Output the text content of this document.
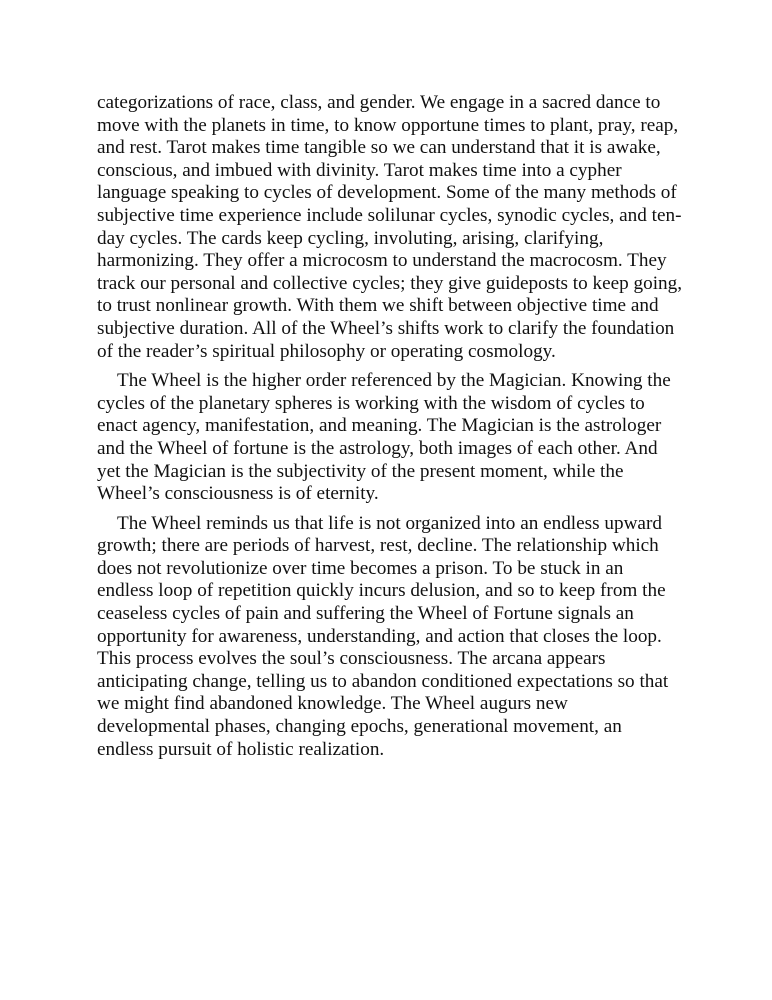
categorizations of race, class, and gender. We engage in a sacred dance to
move with the planets in time, to know opportune times to plant, pray, reap,
and rest. Tarot makes time tangible so we can understand that it is awake,
conscious, and imbued with divinity. Tarot makes time into a cypher
language speaking to cycles of development. Some of the many methods of
subjective time experience include solilunar cycles, synodic cycles, and ten-
day cycles. The cards keep cycling, involuting, arising, clarifying,
harmonizing. They offer a microcosm to understand the macrocosm. They
track our personal and collective cycles; they give guideposts to keep going,
to trust nonlinear growth. With them we shift between objective time and
subjective duration. All of the Wheel’s shifts work to clarify the foundation
of the reader’s spiritual philosophy or operating cosmology.

The Wheel is the higher order referenced by the Magician. Knowing the
cycles of the planetary spheres is working with the wisdom of cycles to
enact agency, manifestation, and meaning. The Magician is the astrologer
and the Wheel of fortune is the astrology, both images of each other. And
yet the Magician is the subjectivity of the present moment, while the
Wheel’s consciousness is of eternity.

The Wheel reminds us that life is not organized into an endless upward
growth; there are periods of harvest, rest, decline. The relationship which
does not revolutionize over time becomes a prison. To be stuck in an
endless loop of repetition quickly incurs delusion, and so to keep from the
ceaseless cycles of pain and suffering the Wheel of Fortune signals an
opportunity for awareness, understanding, and action that closes the loop.
This process evolves the soul’s consciousness. The arcana appears
anticipating change, telling us to abandon conditioned expectations so that
we might find abandoned knowledge. The Wheel augurs new
developmental phases, changing epochs, generational movement, an
endless pursuit of holistic realization.
